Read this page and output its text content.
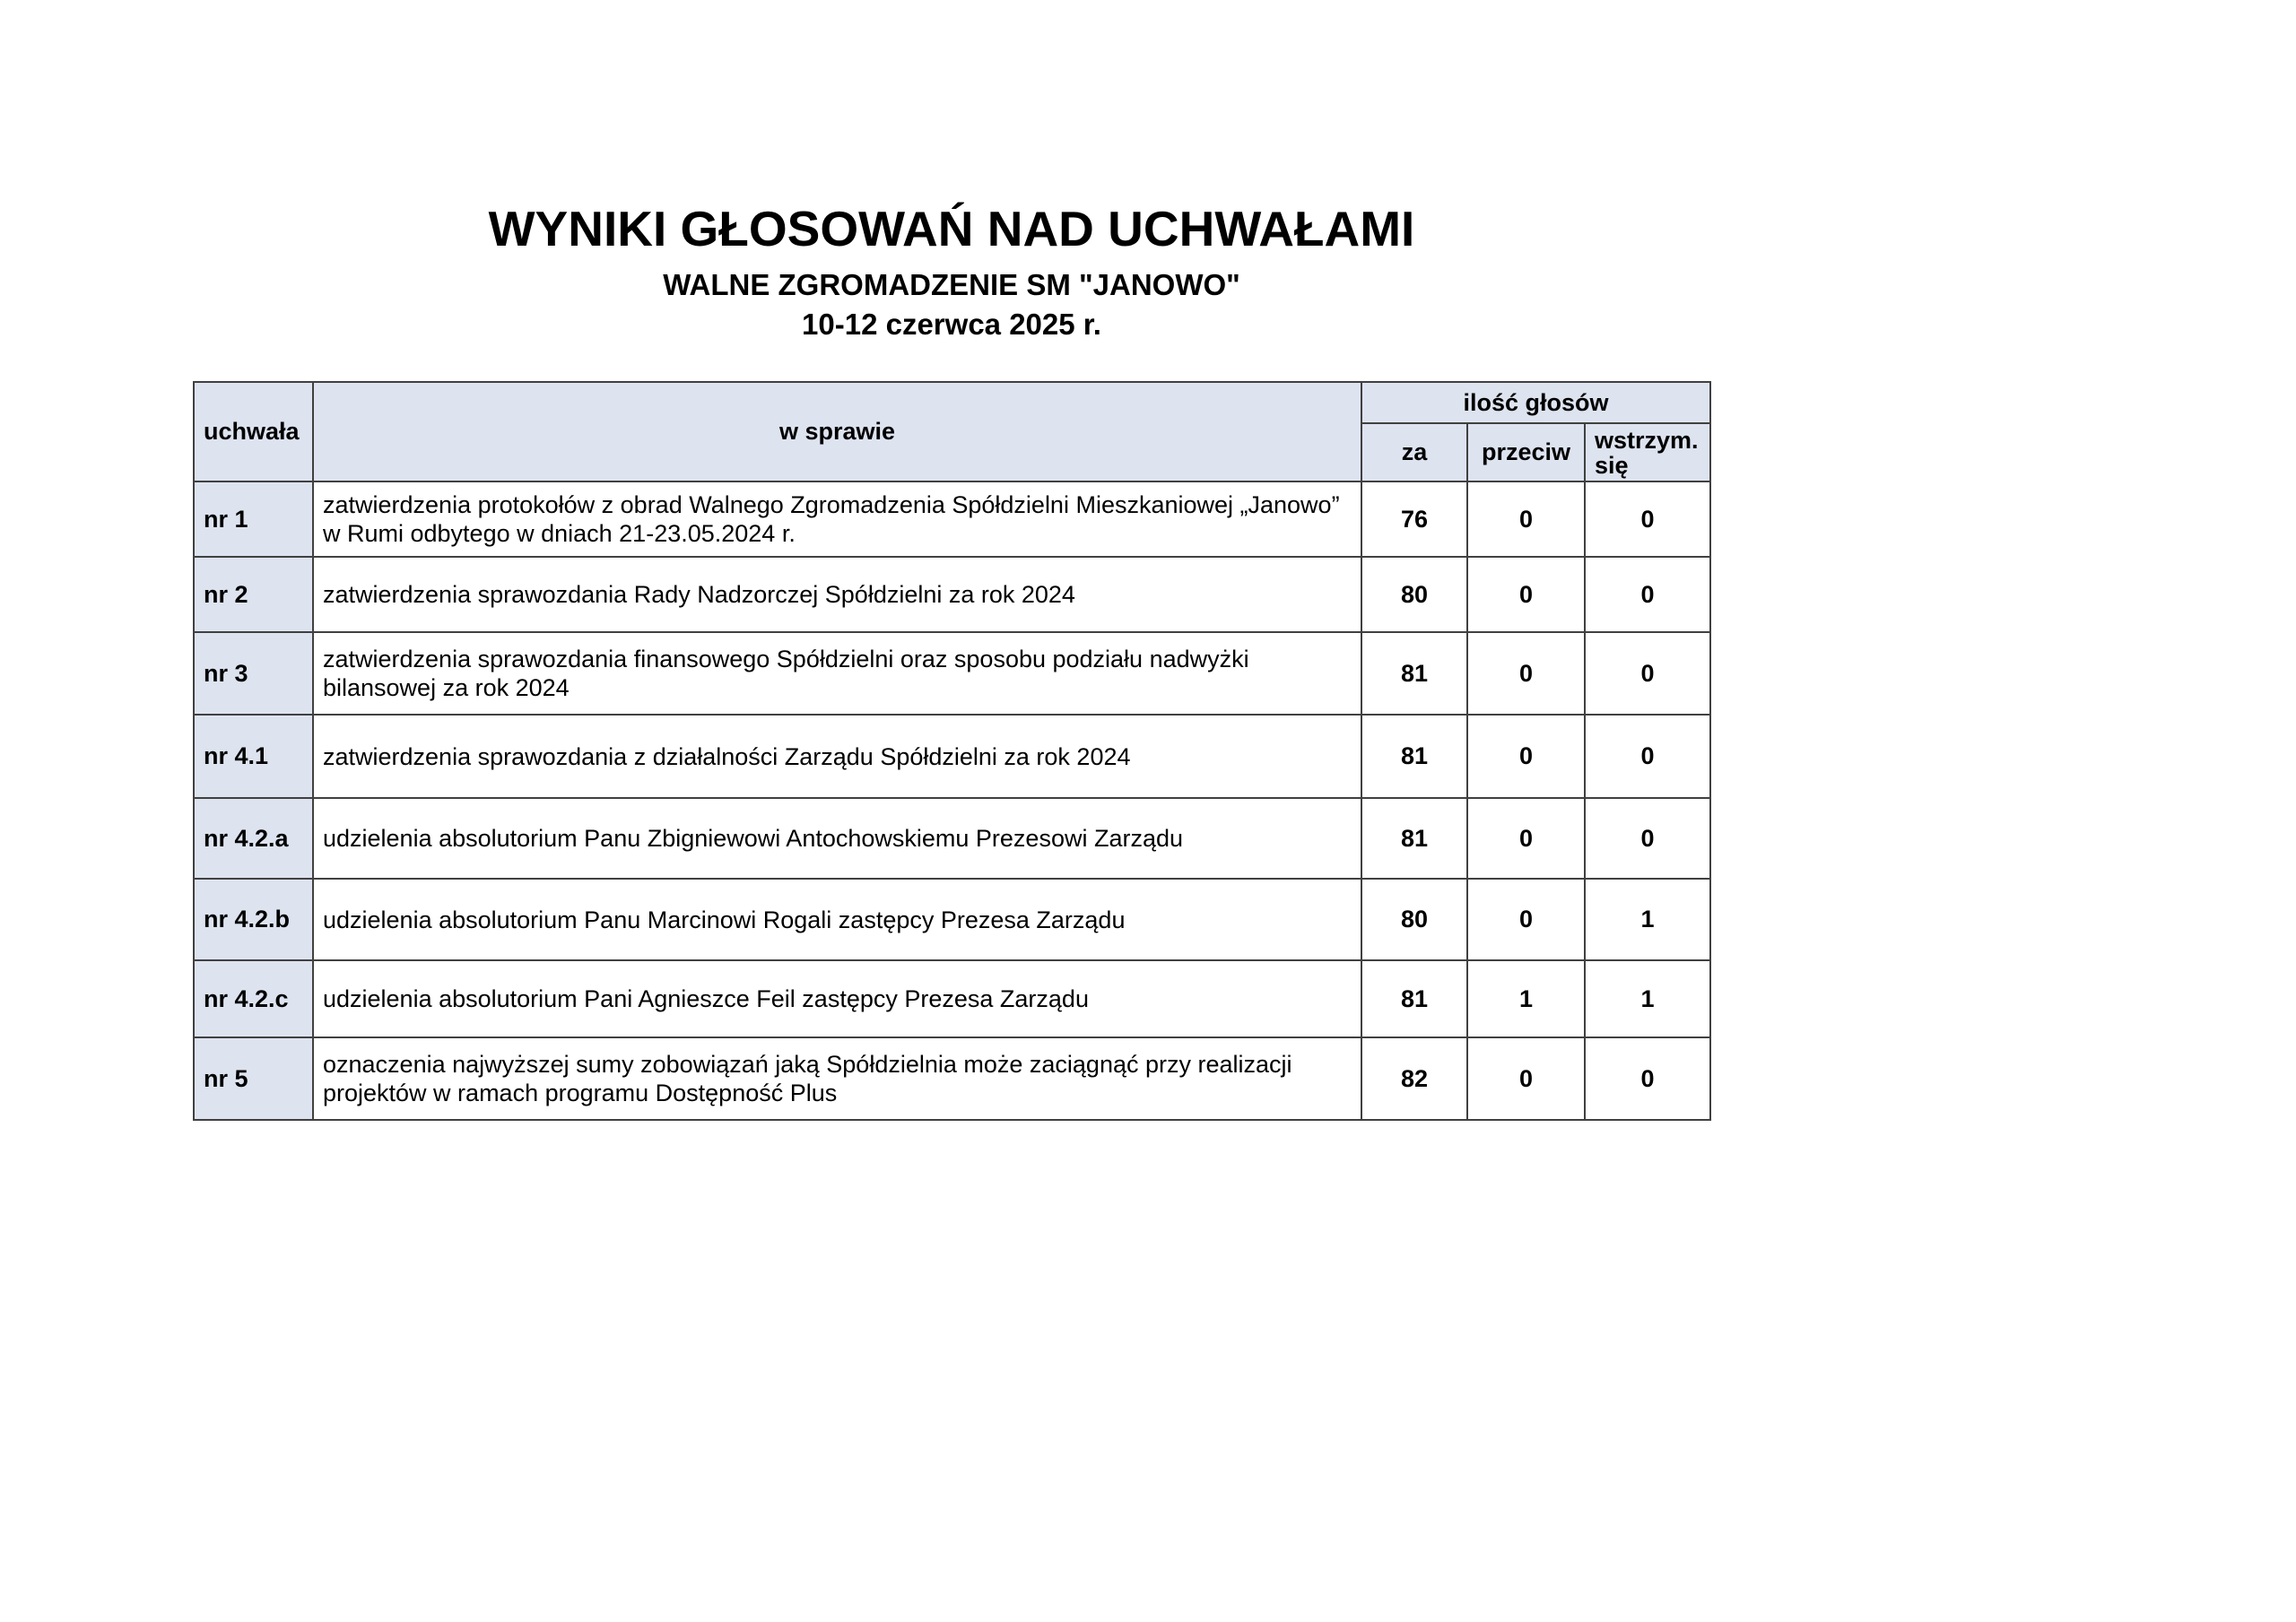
WYNIKI GŁOSOWAŃ NAD UCHWAŁAMI
WALNE ZGROMADZENIE SM "JANOWO"
10-12 czerwca 2025 r.
uchwała	w sprawie	ilość głosów		
		za	przeciw	wstrzym. się
nr 1	zatwierdzenia protokołów z obrad Walnego Zgromadzenia Spółdzielni Mieszkaniowej „Janowo” w Rumi odbytego w dniach 21-23.05.2024 r.	76	0	0
nr 2	zatwierdzenia sprawozdania Rady Nadzorczej Spółdzielni za rok 2024	80	0	0
nr 3	zatwierdzenia sprawozdania finansowego Spółdzielni oraz sposobu podziału nadwyżki bilansowej za rok 2024	81	0	0
nr 4.1	zatwierdzenia sprawozdania z działalności Zarządu Spółdzielni za rok 2024	81	0	0
nr 4.2.a	udzielenia absolutorium Panu Zbigniewowi Antochowskiemu Prezesowi Zarządu	81	0	0
nr 4.2.b	udzielenia absolutorium Panu Marcinowi Rogali zastępcy Prezesa Zarządu	80	0	1
nr 4.2.c	udzielenia absolutorium Pani Agnieszce Feil zastępcy Prezesa Zarządu	81	1	1
nr 5	oznaczenia najwyższej sumy zobowiązań jaką Spółdzielnia może zaciągnąć przy realizacji projektów w ramach programu Dostępność Plus	82	0	0
